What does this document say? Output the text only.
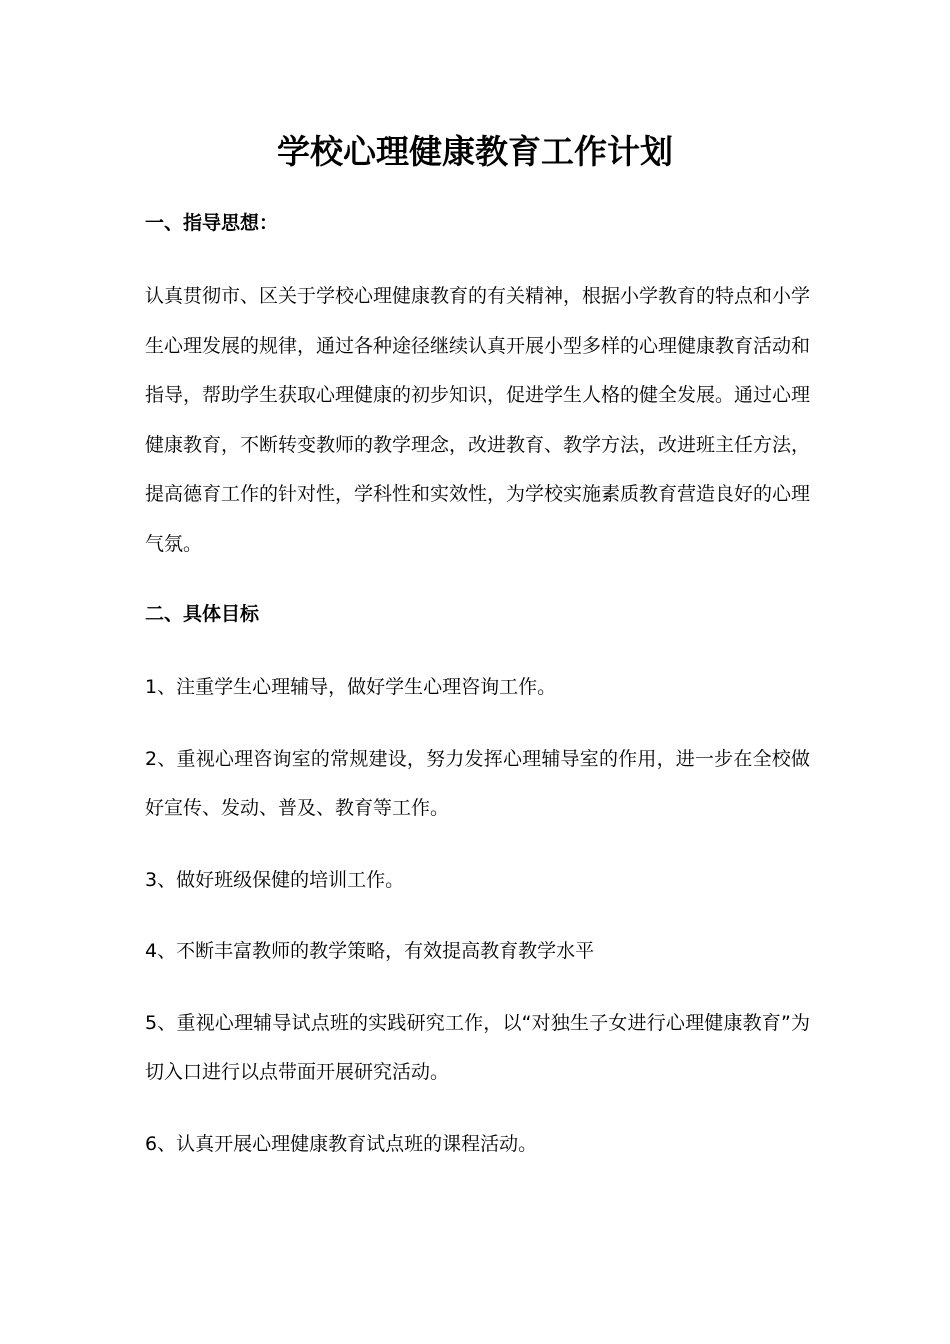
学校心理健康教育工作计划
一、指导思想：
认真贯彻市、区关于学校心理健康教育的有关精神，根据小学教育的特点和小学生心理发展的规律，通过各种途径继续认真开展小型多样的心理健康教育活动和指导，帮助学生获取心理健康的初步知识，促进学生人格的健全发展。通过心理健康教育，不断转变教师的教学理念，改进教育、教学方法，改进班主任方法，提高德育工作的针对性，学科性和实效性，为学校实施素质教育营造良好的心理气氛。
二、具体目标
1、注重学生心理辅导，做好学生心理咨询工作。
2、重视心理咨询室的常规建设，努力发挥心理辅导室的作用，进一步在全校做好宣传、发动、普及、教育等工作。
3、做好班级保健的培训工作。
4、不断丰富教师的教学策略，有效提高教育教学水平
5、重视心理辅导试点班的实践研究工作，以“对独生子女进行心理健康教育”为切入口进行以点带面开展研究活动。
6、认真开展心理健康教育试点班的课程活动。
